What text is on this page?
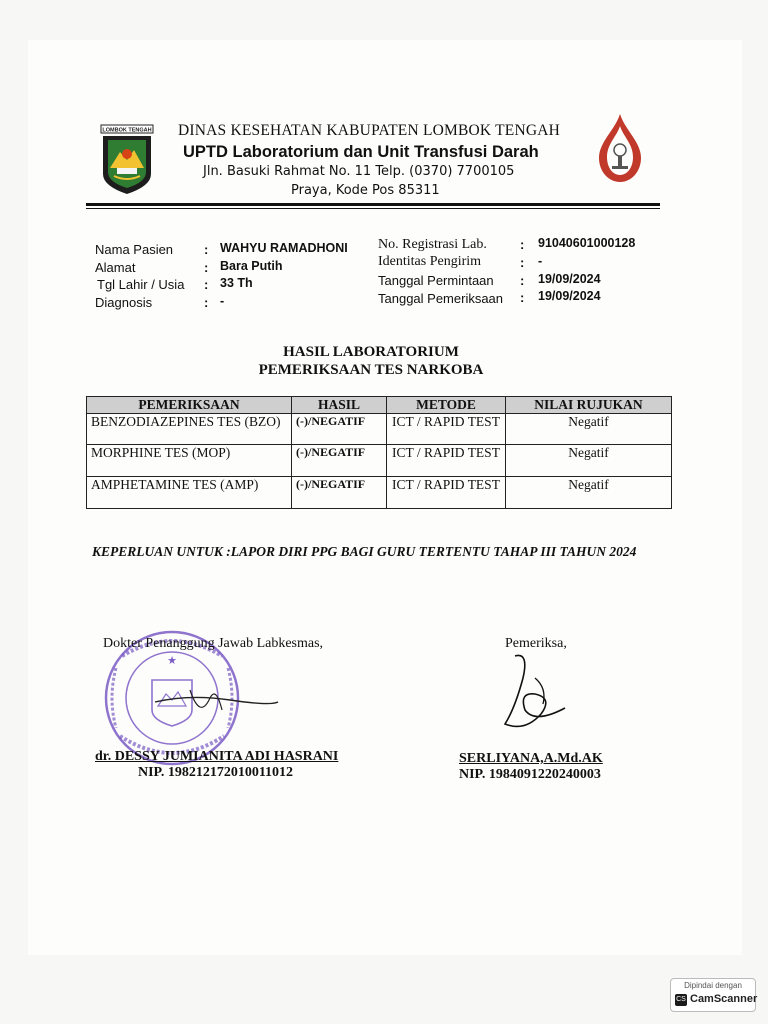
LOMBOK TENGAH DINAS KESEHATAN KABUPATEN LOMBOK TENGAH
UPTD Laboratorium dan Unit Transfusi Darah
Jln. Basuki Rahmat No. 11 Telp. (0370) 7700105
Praya, Kode Pos 85311
Nama Pasien : WAHYU RAMADHONI
Alamat	: Bara Putih
Tgl Lahir / Usia : 33 Th
Diagnosis	: -
No. Registrasi Lab.	: 91040601000128
Identitas Pengirim	: -
Tanggal Permintaan : 19/09/2024
Tanggal Pemeriksaan : 19/09/2024
HASIL LABORATORIUM
PEMERIKSAAN TES NARKOBA
PEMERIKSAAN	HASIL	METODE	NILAI RUJUKAN
BENZODIAZEPINES TES (BZO)	(-)/NEGATIF	ICT / RAPID TEST	Negatif
MORPHINE TES (MOP)	(-)/NEGATIF	ICT / RAPID TEST	Negatif
AMPHETAMINE TES (AMP)	(-)/NEGATIF	ICT / RAPID TEST	Negatif
KEPERLUAN UNTUK :LAPOR DIRI PPG BAGI GURU TERTENTU TAHAP III TAHUN 2024
★
Dokter Penanggung Jawab Labkesmas,
dr. DESSY JUMIANITA ADI HASRANI
NIP. 198212172010011012
Pemeriksa,
SERLIYANA,A.Md.AK
NIP. 1984091220240003
Dipindai dengan
CS CamScanner
